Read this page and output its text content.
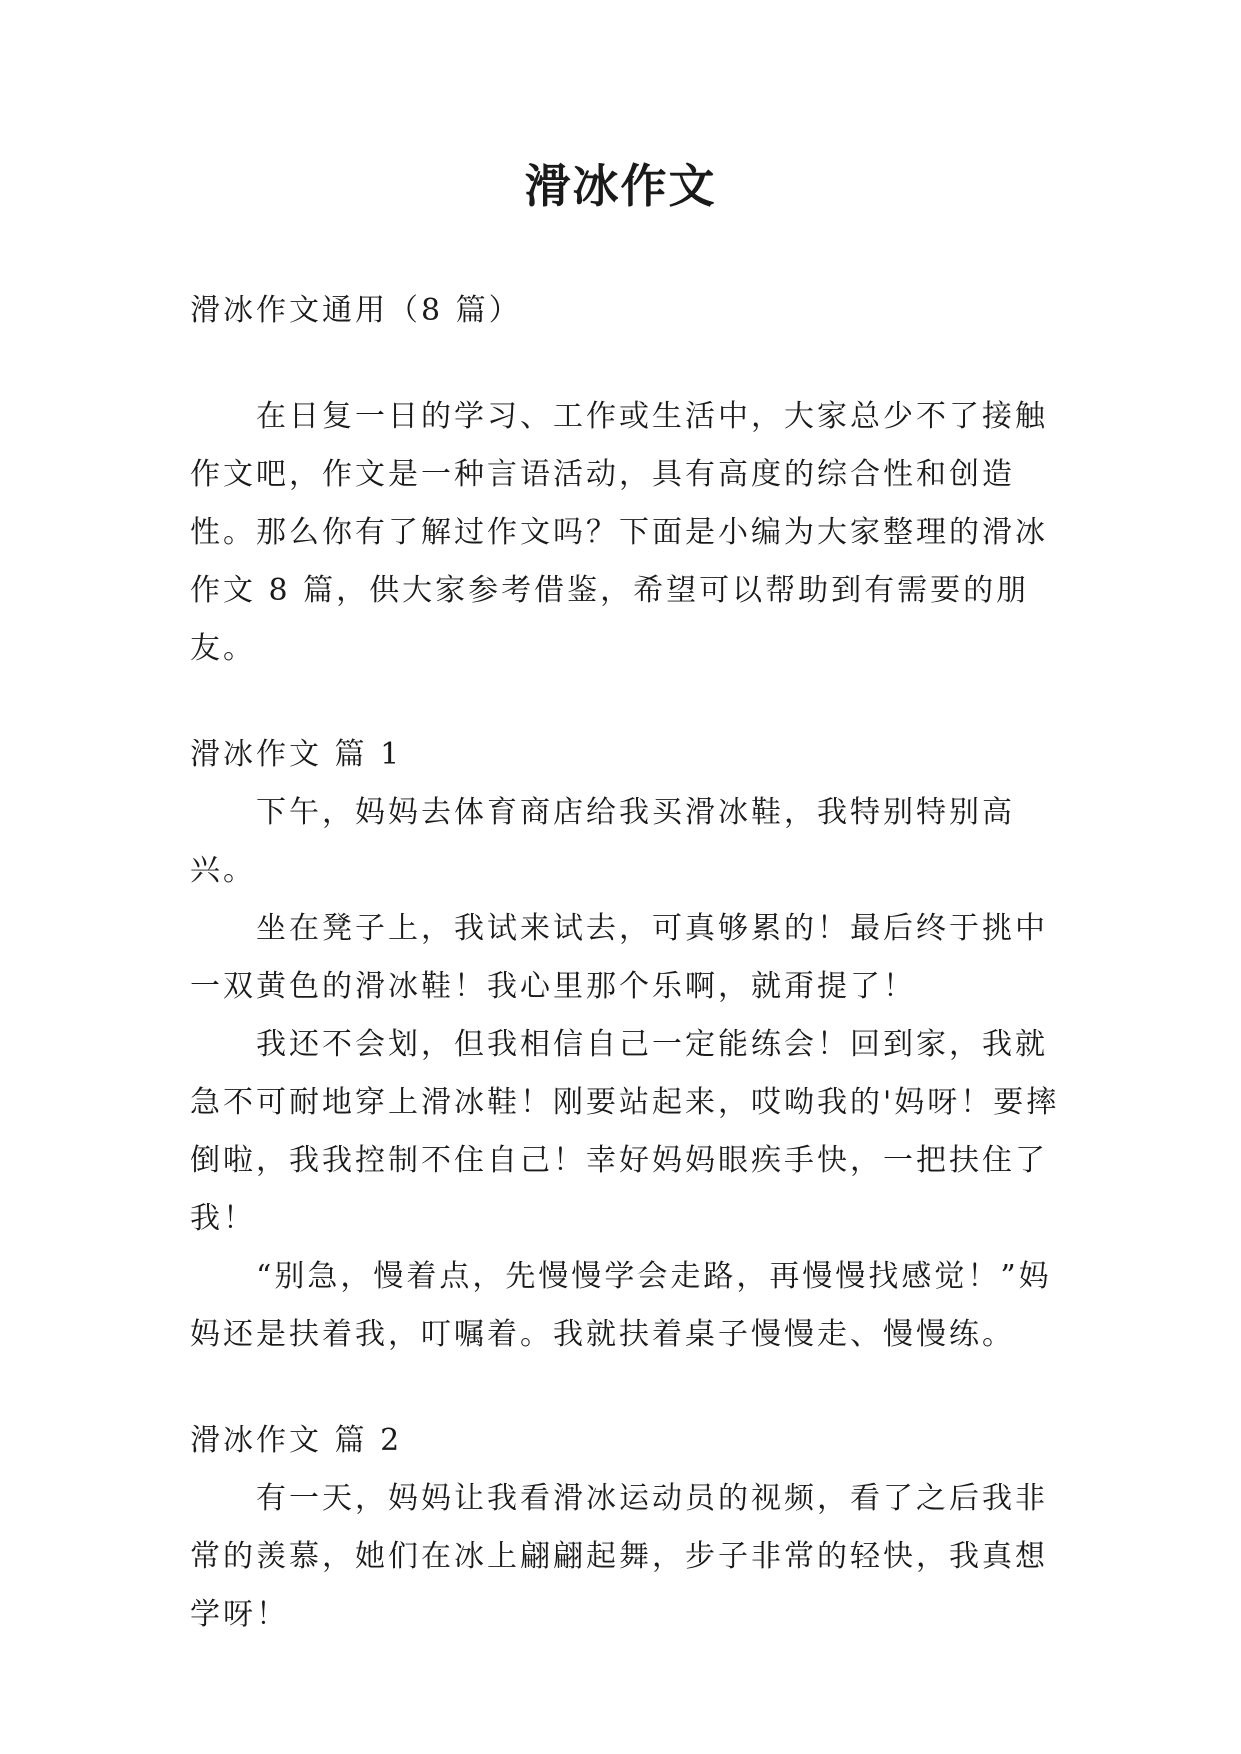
滑冰作文

滑冰作文通用（8 篇）

在日复一日的学习、工作或生活中，大家总少不了接触作文吧，作文是一种言语活动，具有高度的综合性和创造性。那么你有了解过作文吗？下面是小编为大家整理的滑冰作文 8 篇，供大家参考借鉴，希望可以帮助到有需要的朋友。

滑冰作文 篇 1

下午，妈妈去体育商店给我买滑冰鞋，我特别特别高兴。

坐在凳子上，我试来试去，可真够累的！最后终于挑中一双黄色的滑冰鞋！我心里那个乐啊，就甭提了！

我还不会划，但我相信自己一定能练会！回到家，我就急不可耐地穿上滑冰鞋！刚要站起来，哎呦我的'妈呀！要摔倒啦，我我控制不住自己！幸好妈妈眼疾手快，一把扶住了我！

“别急，慢着点，先慢慢学会走路，再慢慢找感觉！”妈妈还是扶着我，叮嘱着。我就扶着桌子慢慢走、慢慢练。

滑冰作文 篇 2

有一天，妈妈让我看滑冰运动员的视频，看了之后我非常的羡慕，她们在冰上翩翩起舞，步子非常的轻快，我真想学呀！
